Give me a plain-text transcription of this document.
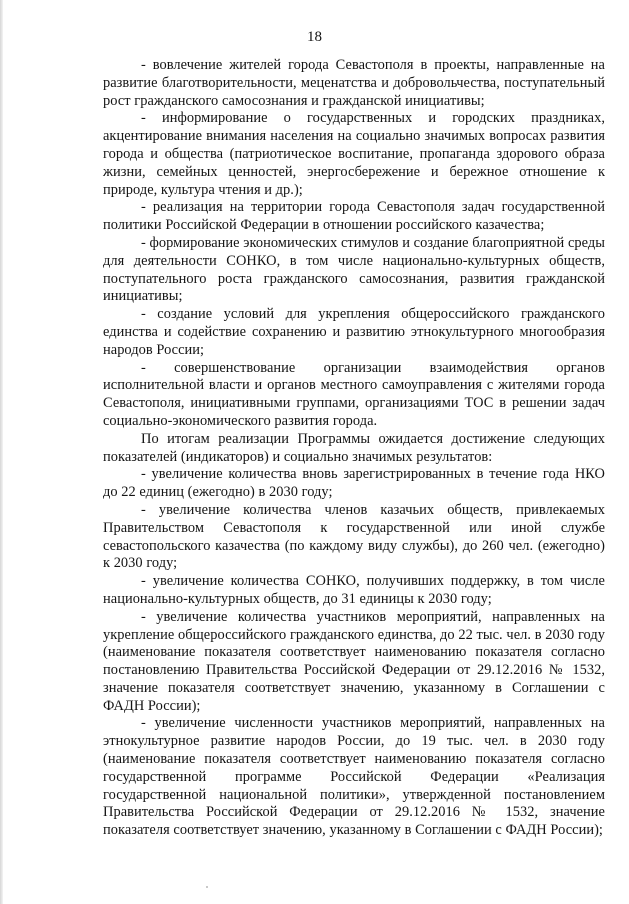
18

- вовлечение жителей города Севастополя в проекты, направленные на развитие благотворительности, меценатства и добровольчества, поступательный рост гражданского самосознания и гражданской инициативы;

- информирование о государственных и городских праздниках, акцентирование внимания населения на социально значимых вопросах развития города и общества (патриотическое воспитание, пропаганда здорового образа жизни, семейных ценностей, энергосбережение и бережное отношение к природе, культура чтения и др.);

- реализация на территории города Севастополя задач государственной политики Российской Федерации в отношении российского казачества;

- формирование экономических стимулов и создание благоприятной среды для деятельности СОНКО, в том числе национально-культурных обществ, поступательного роста гражданского самосознания, развития гражданской инициативы;

- создание условий для укрепления общероссийского гражданского единства и содействие сохранению и развитию этнокультурного многообразия народов России;

- совершенствование организации взаимодействия органов исполнительной власти и органов местного самоуправления с жителями города Севастополя, инициативными группами, организациями ТОС в решении задач социально-экономического развития города.

По итогам реализации Программы ожидается достижение следующих показателей (индикаторов) и социально значимых результатов:

- увеличение количества вновь зарегистрированных в течение года НКО до 22 единиц (ежегодно) в 2030 году;

- увеличение количества членов казачьих обществ, привлекаемых Правительством Севастополя к государственной или иной службе севастопольского казачества (по каждому виду службы), до 260 чел. (ежегодно) к 2030 году;

- увеличение количества СОНКО, получивших поддержку, в том числе национально-культурных обществ, до 31 единицы к 2030 году;

- увеличение количества участников мероприятий, направленных на укрепление общероссийского гражданского единства, до 22 тыс. чел. в 2030 году (наименование показателя соответствует наименованию показателя согласно постановлению Правительства Российской Федерации от 29.12.2016 № 1532, значение показателя соответствует значению, указанному в Соглашении с ФАДН России);

- увеличение численности участников мероприятий, направленных на этнокультурное развитие народов России, до 19 тыс. чел. в 2030 году (наименование показателя соответствует наименованию показателя согласно государственной программе Российской Федерации «Реализация государственной национальной политики», утвержденной постановлением Правительства Российской Федерации от 29.12.2016 № 1532, значение показателя соответствует значению, указанному в Соглашении с ФАДН России);
